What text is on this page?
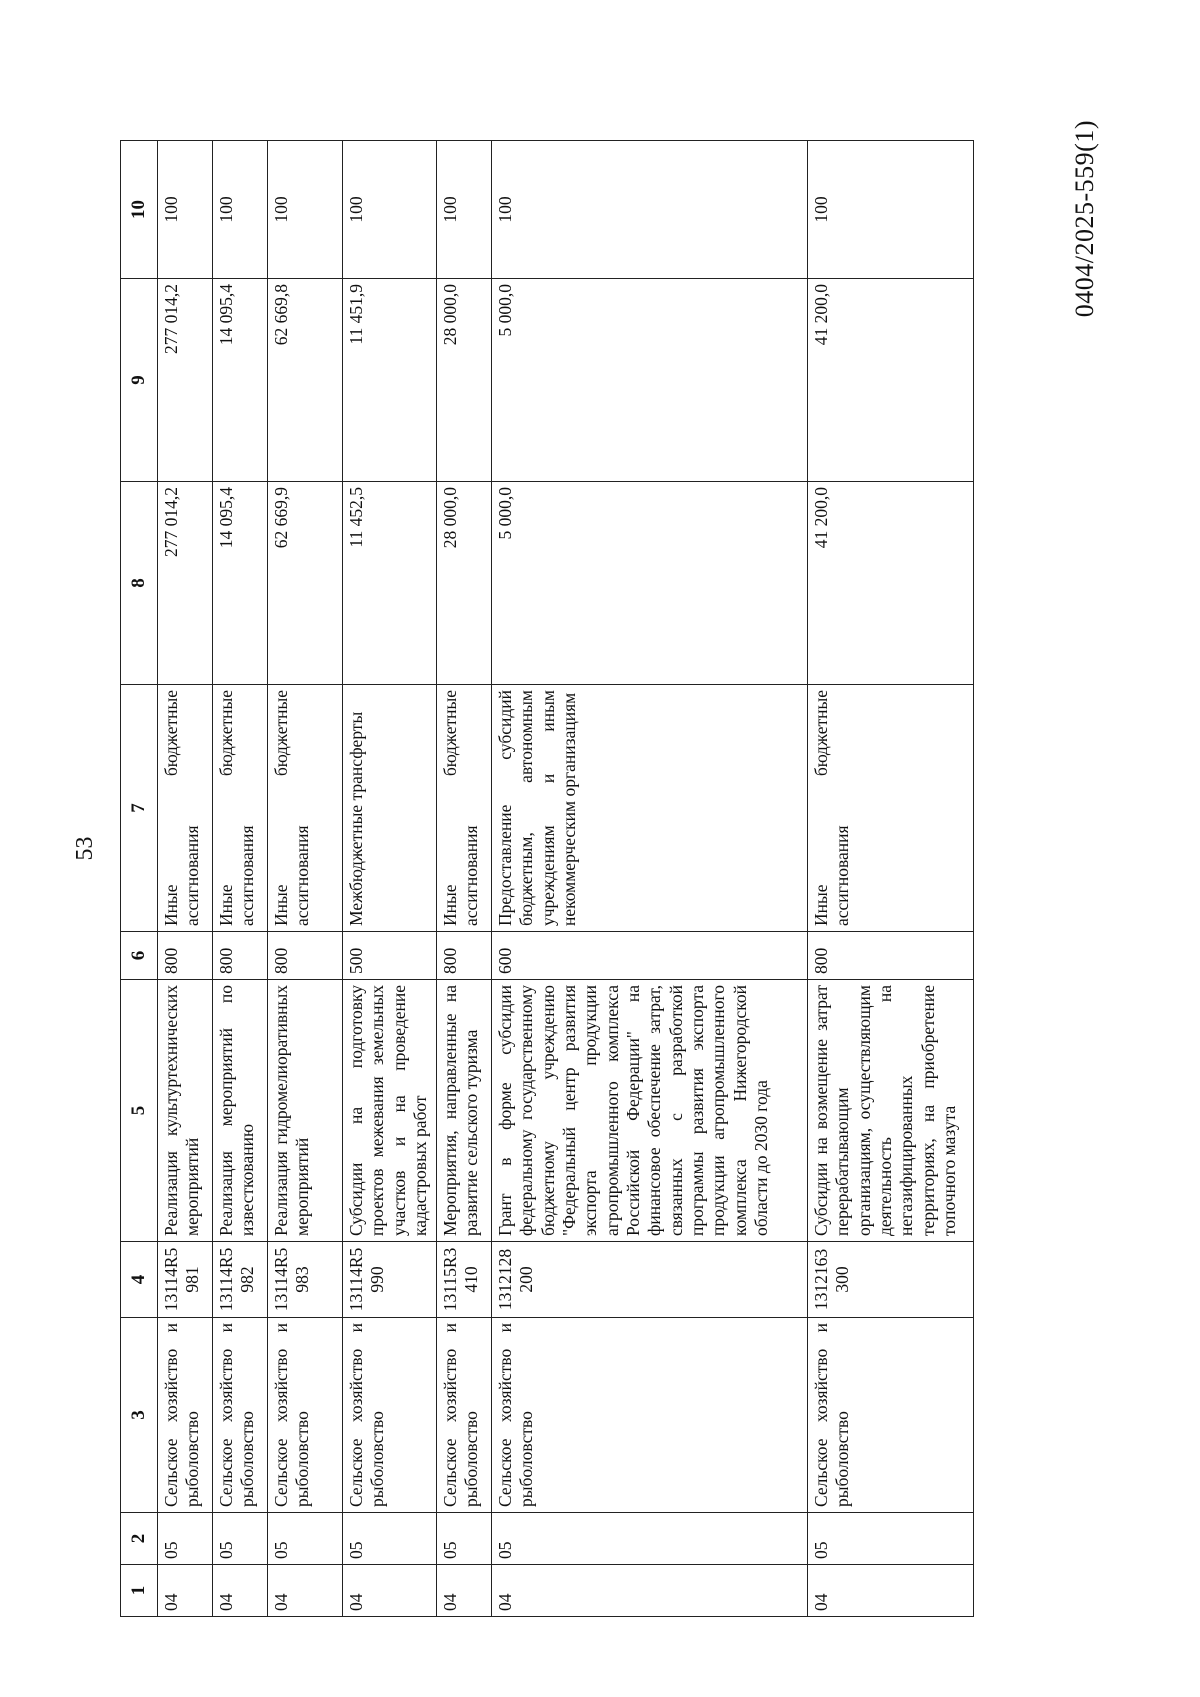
53
1	2	3	4	5	6	7	8	9	10
04	05	Сельское хозяйство и рыболовство	13114R5 981	Реализация культуртехнических мероприятий	800	Иные бюджетные ассигнования	277 014,2	277 014,2	100
04	05	Сельское хозяйство и рыболовство	13114R5 982	Реализация мероприятий по известкованию	800	Иные бюджетные ассигнования	14 095,4	14 095,4	100
04	05	Сельское хозяйство и рыболовство	13114R5 983	Реализация гидромелиоративных мероприятий	800	Иные бюджетные ассигнования	62 669,9	62 669,8	100
04	05	Сельское хозяйство и рыболовство	13114R5 990	Субсидии на подготовку проектов межевания земельных участков и на проведение кадастровых работ	500	Межбюджетные трансферты	11 452,5	11 451,9	100
04	05	Сельское хозяйство и рыболовство	13115R3 410	Мероприятия, направленные на развитие сельского туризма	800	Иные бюджетные ассигнования	28 000,0	28 000,0	100
04	05	Сельское хозяйство и рыболовство	1312128 200	Грант в форме субсидии федеральному государственному бюджетному учреждению "Федеральный центр развития экспорта продукции агропромышленного комплекса Российской Федерации" на финансовое обеспечение затрат, связанных с разработкой программы развития экспорта продукции агропромышленного комплекса Нижегородской области до 2030 года	600	Предоставление субсидий бюджетным, автономным учреждениям и иным некоммерческим организациям	5 000,0	5 000,0	100
04	05	Сельское хозяйство и рыболовство	1312163 300	Субсидии на возмещение затрат перерабатывающим организациям, осуществляющим деятельность на негазифицированных территориях, на приобретение топочного мазута	800	Иные бюджетные ассигнования	41 200,0	41 200,0	100	0404/2025-559(1)
